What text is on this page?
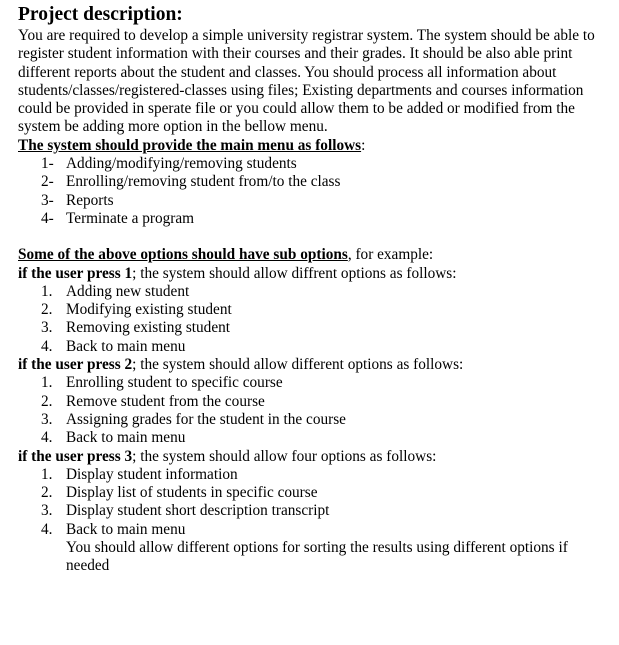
Project description:

You are required to develop a simple university registrar system. The system should be able to register student information with their courses and their grades. It should be also able print different reports about the student and classes. You should process all information about students/classes/registered-classes using files; Existing departments and courses information could be provided in sperate file or you could allow them to be added or modified from the system be adding more option in the bellow menu.

The system should provide the main menu as follows:

1- Adding/modifying/removing students
2- Enrolling/removing student from/to the class
3- Reports
4- Terminate a program

Some of the above options should have sub options, for example:

if the user press 1; the system should allow diffrent options as follows:

1. Adding new student
2. Modifying existing student
3. Removing existing student
4. Back to main menu

if the user press 2; the system should allow different options as follows:

1. Enrolling student to specific course
2. Remove student from the course
3. Assigning grades for the student in the course
4. Back to main menu

if the user press 3; the system should allow four options as follows:

1. Display student information
2. Display list of students in specific course
3. Display student short description transcript
4. Back to main menu

You should allow different options for sorting the results using different options if needed
